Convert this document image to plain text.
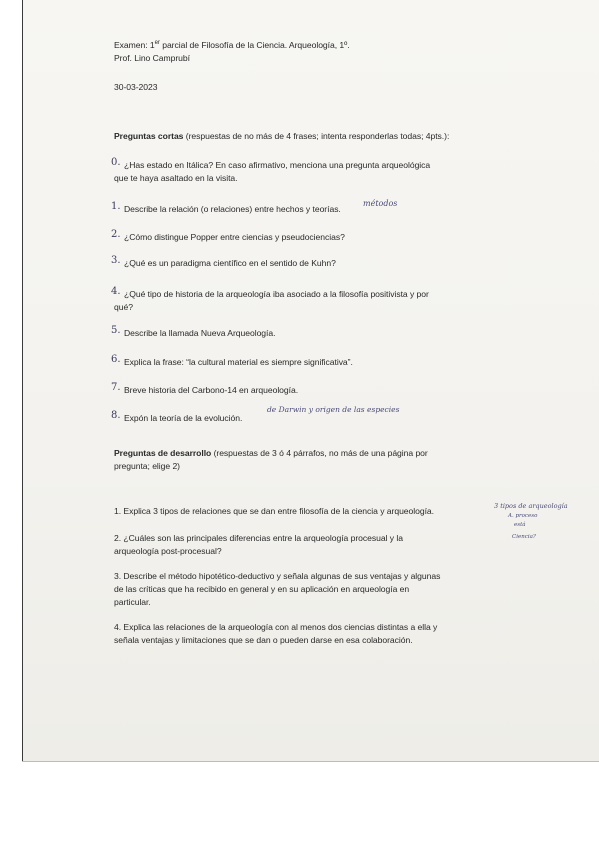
Examen: 1er parcial de Filosofía de la Ciencia. Arqueología, 1º.
Prof. Lino Camprubí
30-03-2023
Preguntas cortas (respuestas de no más de 4 frases; intenta responderlas todas; 4pts.):
0. ¿Has estado en Itálica? En caso afirmativo, menciona una pregunta arqueológica
que te haya asaltado en la visita.
1. Describe la relación (o relaciones) entre hechos y teorías.
métodos
2. ¿Cómo distingue Popper entre ciencias y pseudociencias?
3. ¿Qué es un paradigma científico en el sentido de Kuhn?
4. ¿Qué tipo de historia de la arqueología iba asociado a la filosofía positivista y por
qué?
5. Describe la llamada Nueva Arqueología.
6. Explica la frase: “la cultural material es siempre significativa”.
7. Breve historia del Carbono-14 en arqueología.
8. Expón la teoría de la evolución.
de Darwin y origen de las especies
Preguntas de desarrollo (respuestas de 3 ó 4 párrafos, no más de una página por
pregunta; elige 2)
1. Explica 3 tipos de relaciones que se dan entre filosofía de la ciencia y arqueología.
2. ¿Cuáles son las principales diferencias entre la arqueología procesual y la
arqueología post-procesual?
3. Describe el método hipotético-deductivo y señala algunas de sus ventajas y algunas
de las críticas que ha recibido en general y en su aplicación en arqueología en
particular.
4. Explica las relaciones de la arqueología con al menos dos ciencias distintas a ella y
señala ventajas y limitaciones que se dan o pueden darse en esa colaboración.
3 tipos de arqueología
A. proceso
está
Ciencia?
